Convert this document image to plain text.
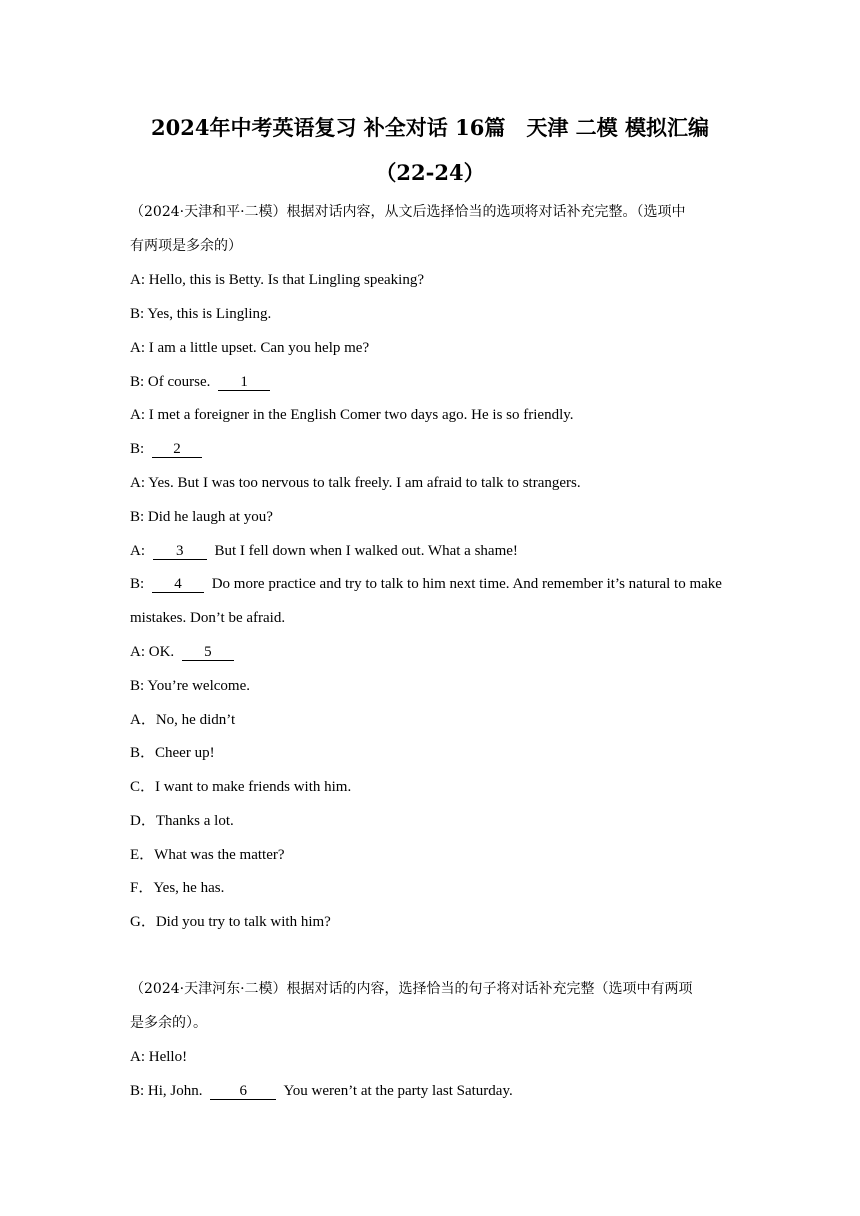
2024年中考英语复习 补全对话 16篇　天津 二模 模拟汇编
（22-24）
（2024·天津和平·二模）根据对话内容，从文后选择恰当的选项将对话补充完整。（选项中
有两项是多余的）
A: Hello, this is Betty. Is that Lingling speaking?
B: Yes, this is Lingling.
A: I am a little upset. Can you help me?
B: Of course. 1
A: I met a foreigner in the English Comer two days ago. He is so friendly.
B: 2
A: Yes. But I was too nervous to talk freely. I am afraid to talk to strangers.
B: Did he laugh at you?
A: 3 But I fell down when I walked out. What a shame!
B: 4 Do more practice and try to talk to him next time. And remember it’s natural to make
mistakes. Don’t be afraid.
A: OK. 5
B: You’re welcome.
A．No, he didn’t
B．Cheer up!
C．I want to make friends with him.
D．Thanks a lot.
E．What was the matter?
F．Yes, he has.
G．Did you try to talk with him?
（2024·天津河东·二模）根据对话的内容，选择恰当的句子将对话补充完整（选项中有两项
是多余的）。
A: Hello!
B: Hi, John. 6 You weren’t at the party last Saturday.
